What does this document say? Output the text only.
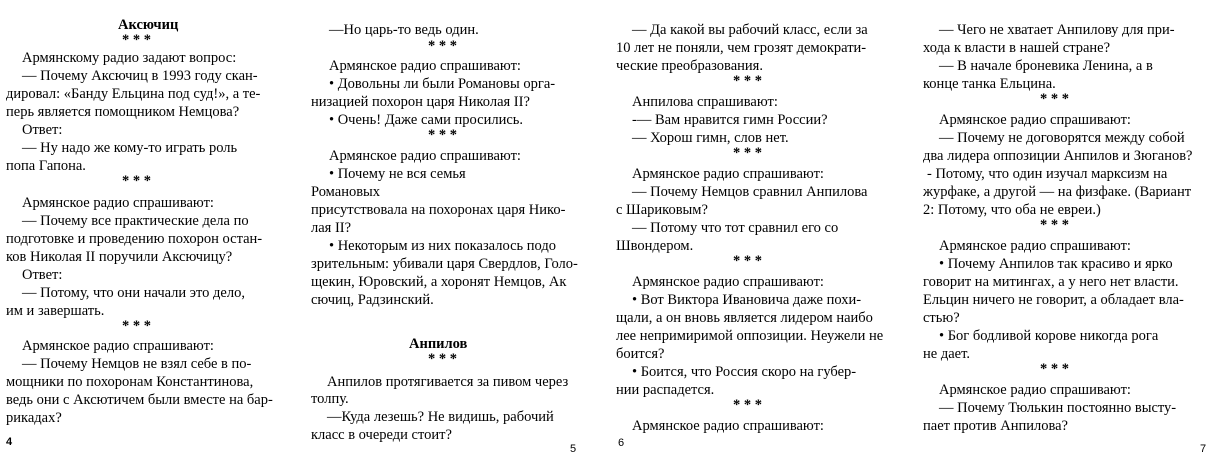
Аксючиц
* * *
Армянскому радио задают вопрос:
— Почему Аксючиц в 1993 году скан-
дировал: «Банду Ельцина под суд!», а те-
перь является помощником Немцова?
Ответ:
— Ну надо же кому-то играть роль
попа Гапона.
* * *
Армянское радио спрашивают:
— Почему все практические дела по
подготовке и проведению похорон остан-
ков Николая II поручили Аксючицу?
Ответ:
— Потому, что они начали это дело,
им и завершать.
* * *
Армянское радио спрашивают:
— Почему Немцов не взял себе в по-
мощники по похоронам Константинова,
ведь они с Аксютичем были вместе на бар-
рикадах?
—Но царь-то ведь один.
* * *
Армянское радио спрашивают:
• Довольны ли были Романовы орга-
низацией похорон царя Николая II?
• Очень! Даже сами просились.
* * *
Армянское радио спрашивают:
• Почему не вся семья
Романовых
присутствовала на похоронах царя Нико-
лая II?
• Некоторым из них показалось подо
зрительным: убивали царя Свердлов, Голо-
щекин, Юровский, а хоронят Немцов, Ак
сючиц, Радзинский.
Анпилов
* * *
Анпилов протягивается за пивом через
толпу.
—Куда лезешь? Не видишь, рабочий
класс в очереди стоит?
— Да какой вы рабочий класс, если за
10 лет не поняли, чем грозят демократи-
ческие преобразования.
* * *
Анпилова спрашивают:
-— Вам нравится гимн России?
— Хорош гимн, слов нет.
* * *
Армянское радио спрашивают:
— Почему Немцов сравнил Анпилова
с Шариковым?
— Потому что тот сравнил его со
Швондером.
* * *
Армянское радио спрашивают:
• Вот Виктора Ивановича даже похи-
щали, а он вновь является лидером наибо
лее непримиримой оппозиции. Неужели не
боится?
• Боится, что Россия скоро на губер-
нии распадется.
* * *
Армянское радио спрашивают:
— Чего не хватает Анпилову для при-
хода к власти в нашей стране?
— В начале броневика Ленина, а в
конце танка Ельцина.
* * *
Армянское радио спрашивают:
— Почему не договорятся между собой
два лидера оппозиции Анпилов и Зюганов?
- Потому, что один изучал марксизм на
журфаке, а другой — на физфаке. (Вариант
2: Потому, что оба не евреи.)
* * *
Армянское радио спрашивают:
• Почему Анпилов так красиво и ярко
говорит на митингах, а у него нет власти.
Ельцин ничего не говорит, а обладает вла-
стью?
• Бог бодливой корове никогда рога
не дает.
* * *
Армянское радио спрашивают:
— Почему Тюлькин постоянно высту-
пает против Анпилова?
4
5	6	7
